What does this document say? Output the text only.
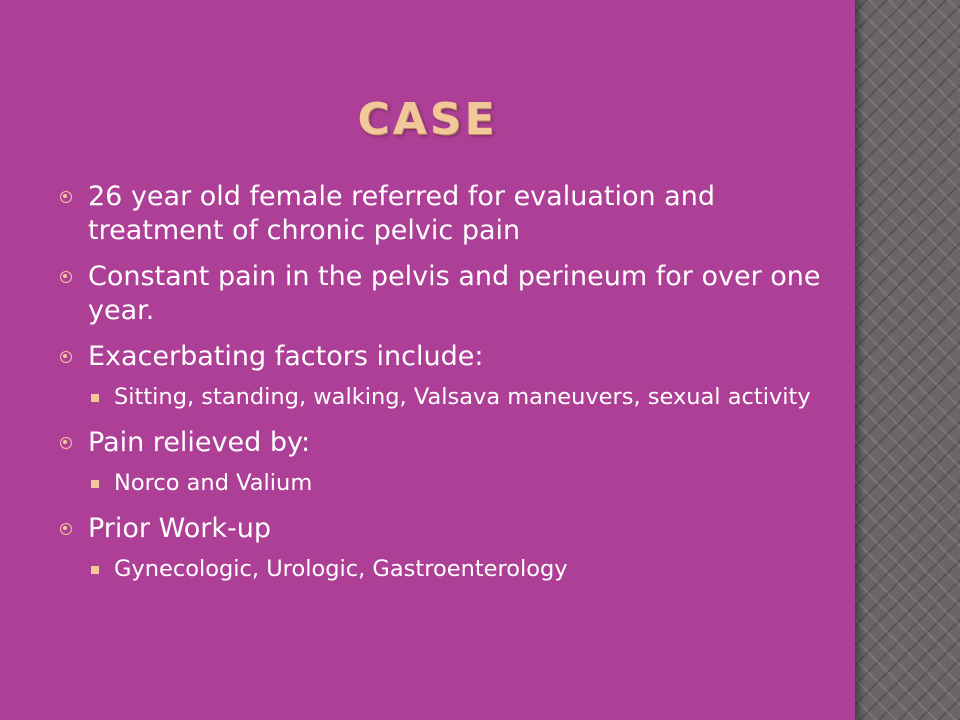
CASE
26 year old female referred for evaluation and treatment of chronic pelvic pain
Constant pain in the pelvis and perineum for over one year.
Exacerbating factors include:
Sitting, standing, walking, Valsava maneuvers, sexual activity
Pain relieved by:
Norco and Valium
Prior Work-up
Gynecologic, Urologic, Gastroenterology
